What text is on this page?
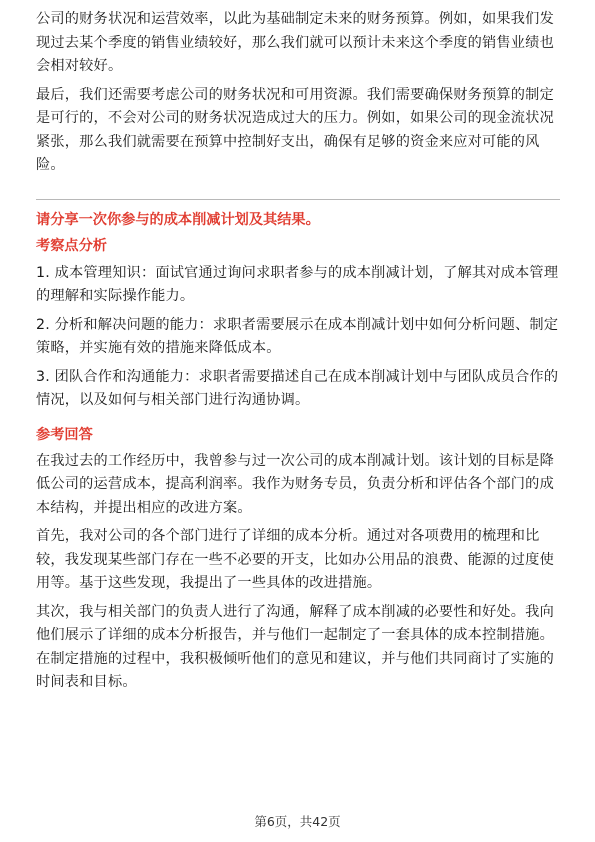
公司的财务状况和运营效率，以此为基础制定未来的财务预算。例如，如果我们发现过去某个季度的销售业绩较好，那么我们就可以预计未来这个季度的销售业绩也会相对较好。

最后，我们还需要考虑公司的财务状况和可用资源。我们需要确保财务预算的制定是可行的，不会对公司的财务状况造成过大的压力。例如，如果公司的现金流状况紧张，那么我们就需要在预算中控制好支出，确保有足够的资金来应对可能的风险。

请分享一次你参与的成本削减计划及其结果。
考察点分析

1. 成本管理知识：面试官通过询问求职者参与的成本削减计划，了解其对成本管理的理解和实际操作能力。

2. 分析和解决问题的能力：求职者需要展示在成本削减计划中如何分析问题、制定策略，并实施有效的措施来降低成本。

3. 团队合作和沟通能力：求职者需要描述自己在成本削减计划中与团队成员合作的情况，以及如何与相关部门进行沟通协调。

参考回答

在我过去的工作经历中，我曾参与过一次公司的成本削减计划。该计划的目标是降低公司的运营成本，提高利润率。我作为财务专员，负责分析和评估各个部门的成本结构，并提出相应的改进方案。

首先，我对公司的各个部门进行了详细的成本分析。通过对各项费用的梳理和比较，我发现某些部门存在一些不必要的开支，比如办公用品的浪费、能源的过度使用等。基于这些发现，我提出了一些具体的改进措施。

其次，我与相关部门的负责人进行了沟通，解释了成本削减的必要性和好处。我向他们展示了详细的成本分析报告，并与他们一起制定了一套具体的成本控制措施。在制定措施的过程中，我积极倾听他们的意见和建议，并与他们共同商讨了实施的时间表和目标。

第6页，共42页
